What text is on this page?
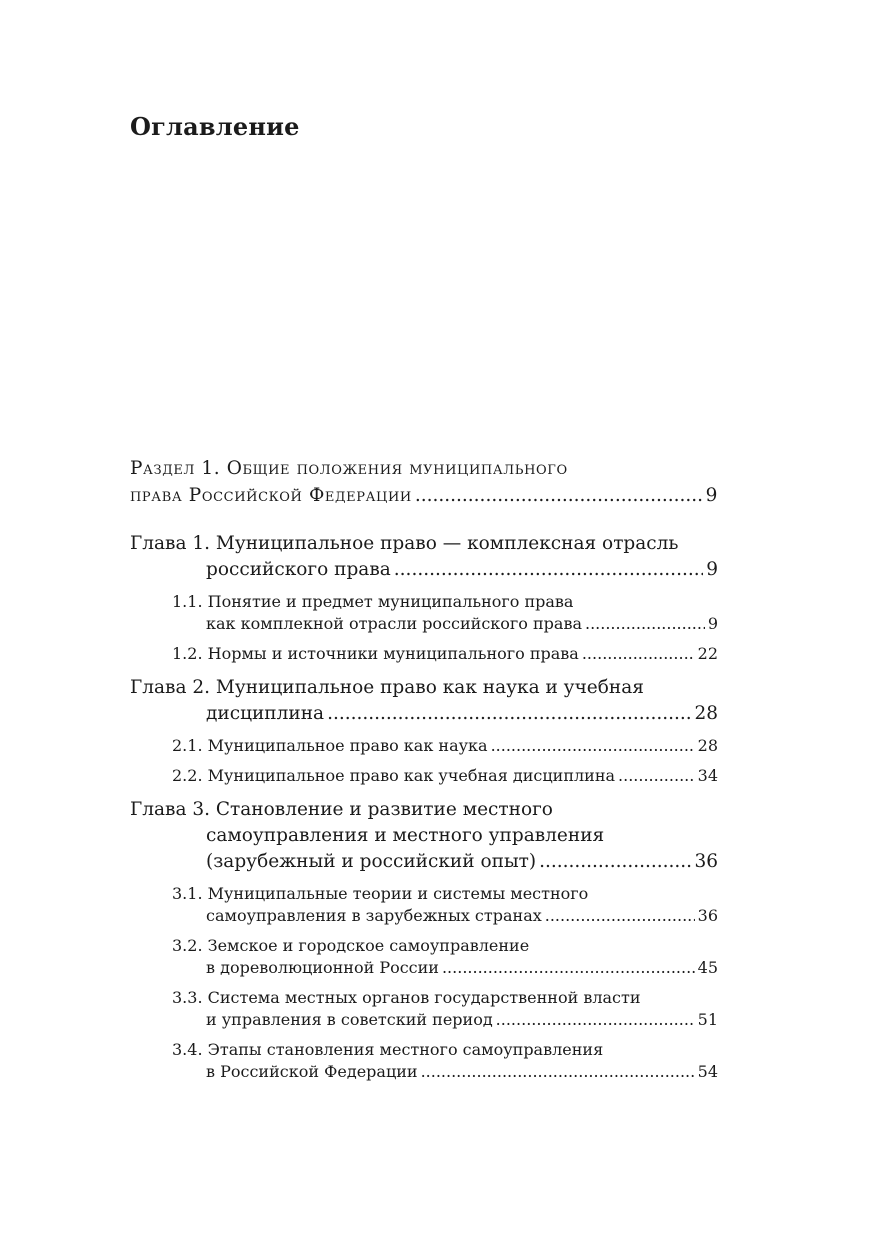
Оглавление
Раздел 1. Общие положения муниципального
права Российской Федерации .....	9
Глава 1. Муниципальное право — комплексная отрасль
российского права .....	9
1.1. Понятие и предмет муниципального права
как комплекной отрасли российского права .....	9
1.2. Нормы и источники муниципального права .....	22
Глава 2. Муниципальное право как наука и учебная
дисциплина .....	28
2.1. Муниципальное право как наука .....	28
2.2. Муниципальное право как учебная дисциплина .....	34
Глава 3. Становление и развитие местного
самоуправления и местного управления
(зарубежный и российский опыт) .....	36
3.1. Муниципальные теории и системы местного
самоуправления в зарубежных странах .....	36
3.2. Земское и городское самоуправление
в дореволюционной России .....	45
3.3. Система местных органов государственной власти
и управления в советский период .....	51
3.4. Этапы становления местного самоуправления
в Российской Федерации .....	54
